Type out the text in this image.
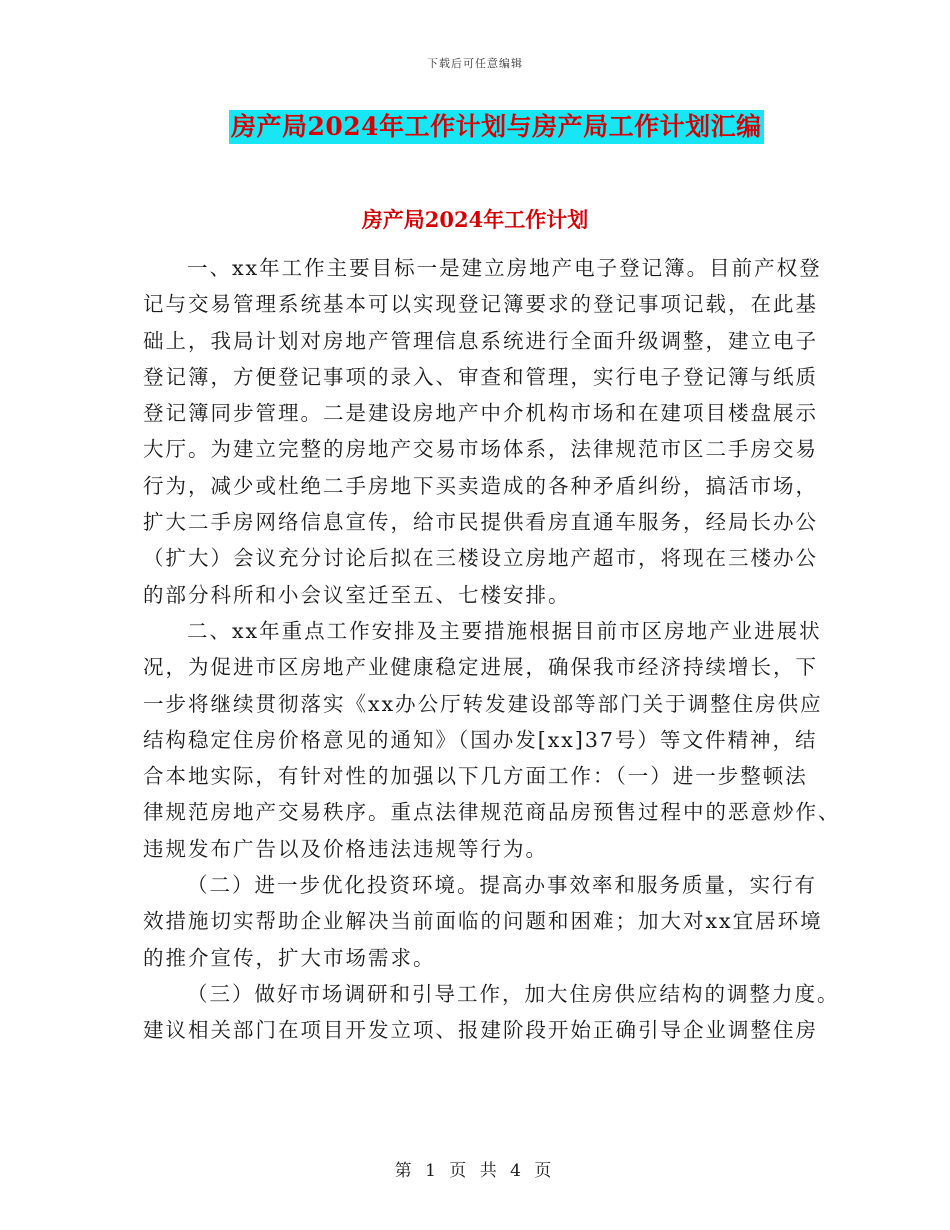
下载后可任意编辑
房产局2024年工作计划与房产局工作计划汇编
房产局2024年工作计划
一、xx年工作主要目标一是建立房地产电子登记簿。目前产权登
记与交易管理系统基本可以实现登记簿要求的登记事项记载，在此基
础上，我局计划对房地产管理信息系统进行全面升级调整，建立电子
登记簿，方便登记事项的录入、审查和管理，实行电子登记簿与纸质
登记簿同步管理。二是建设房地产中介机构市场和在建项目楼盘展示
大厅。为建立完整的房地产交易市场体系，法律规范市区二手房交易
行为，减少或杜绝二手房地下买卖造成的各种矛盾纠纷，搞活市场，
扩大二手房网络信息宣传，给市民提供看房直通车服务，经局长办公
（扩大）会议充分讨论后拟在三楼设立房地产超市，将现在三楼办公
的部分科所和小会议室迁至五、七楼安排。
二、xx年重点工作安排及主要措施根据目前市区房地产业进展状
况，为促进市区房地产业健康稳定进展，确保我市经济持续增长，下
一步将继续贯彻落实《xx办公厅转发建设部等部门关于调整住房供应
结构稳定住房价格意见的通知》（国办发[xx]37号）等文件精神，结
合本地实际，有针对性的加强以下几方面工作：（一）进一步整顿法
律规范房地产交易秩序。重点法律规范商品房预售过程中的恶意炒作、
违规发布广告以及价格违法违规等行为。
（二）进一步优化投资环境。提高办事效率和服务质量，实行有
效措施切实帮助企业解决当前面临的问题和困难；加大对xx宜居环境
的推介宣传，扩大市场需求。
（三）做好市场调研和引导工作，加大住房供应结构的调整力度。
建议相关部门在项目开发立项、报建阶段开始正确引导企业调整住房
第 1 页 共 4 页
